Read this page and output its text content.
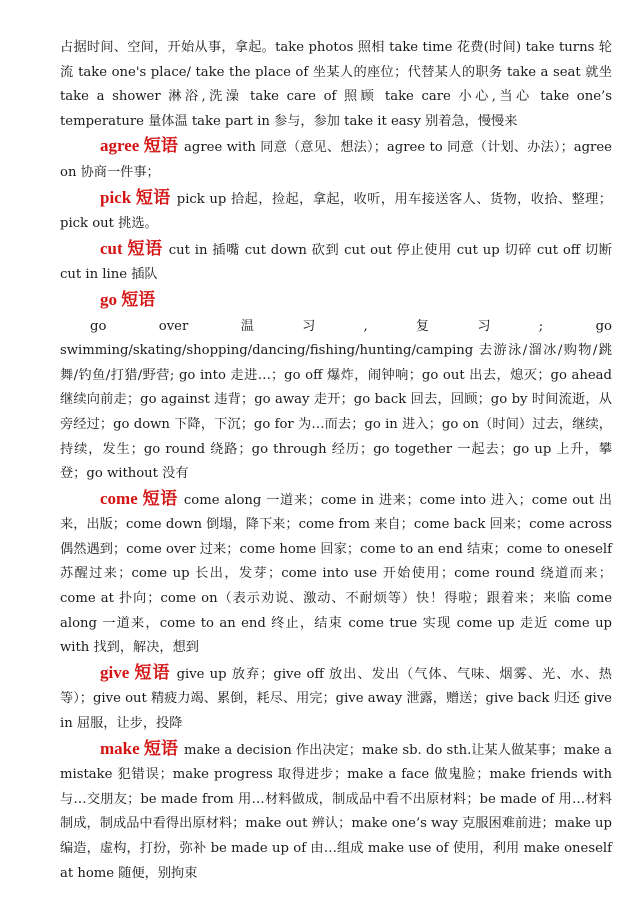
占据时间、空间，开始从事，拿起。take photos 照相 take time 花费(时间) take turns 轮流 take one's place/ take the place of 坐某人的座位；代替某人的职务 take a seat 就坐 take a shower 淋浴,洗澡 take care of 照顾 take care 小心,当心 take one’s temperature 量体温 take part in 参与，参加 take it easy 别着急，慢慢来

agree 短语 agree with 同意（意见、想法）；agree to 同意（计划、办法）；agree on 协商一件事；

pick 短语 pick up 拾起，捡起，拿起，收听，用车接送客人、货物，收拾、整理；pick out 挑选。

cut 短语 cut in 插嘴 cut down 砍到 cut out 停止使用 cut up 切碎 cut off 切断 cut in line 插队

go 短语

go over 温习,复习; go swimming/skating/shopping/dancing/fishing/hunting/camping 去游泳/溜冰/购物/跳舞/钓鱼/打猎/野营; go into 走进…；go off 爆炸，闹钟响；go out 出去，熄灭；go ahead 继续向前走；go against 违背；go away 走开；go back 回去，回顾；go by 时间流逝，从旁经过；go down 下降，下沉；go for 为…而去；go in 进入；go on（时间）过去，继续，持续，发生；go round 绕路；go through 经历；go together 一起去；go up 上升，攀登；go without 没有

come 短语 come along 一道来；come in 进来；come into 进入；come out 出来，出版；come down 倒塌，降下来；come from 来自；come back 回来；come across 偶然遇到；come over 过来；come home 回家；come to an end 结束；come to oneself 苏醒过来；come up 长出，发芽；come into use 开始使用；come round 绕道而来；come at 扑向；come on（表示劝说、激动、不耐烦等）快！得啦；跟着来；来临 come along 一道来，come to an end 终止，结束 come true 实现 come up 走近 come up with 找到，解决，想到

give 短语 give up 放弃；give off 放出、发出（气体、气味、烟雾、光、水、热等）；give out 精疲力竭、累倒，耗尽、用完；give away 泄露，赠送；give back 归还 give in 屈服，让步，投降

make 短语 make a decision 作出决定；make sb. do sth.让某人做某事；make a mistake 犯错误；make progress 取得进步；make a face 做鬼脸；make friends with 与…交朋友；be made from 用…材料做成，制成品中看不出原材料；be made of 用…材料制成，制成品中看得出原材料；make out 辨认；make one’s way 克服困难前进；make up 编造，虚构，打扮，弥补 be made up of 由…组成 make use of 使用，利用 make oneself at home 随便，别拘束
